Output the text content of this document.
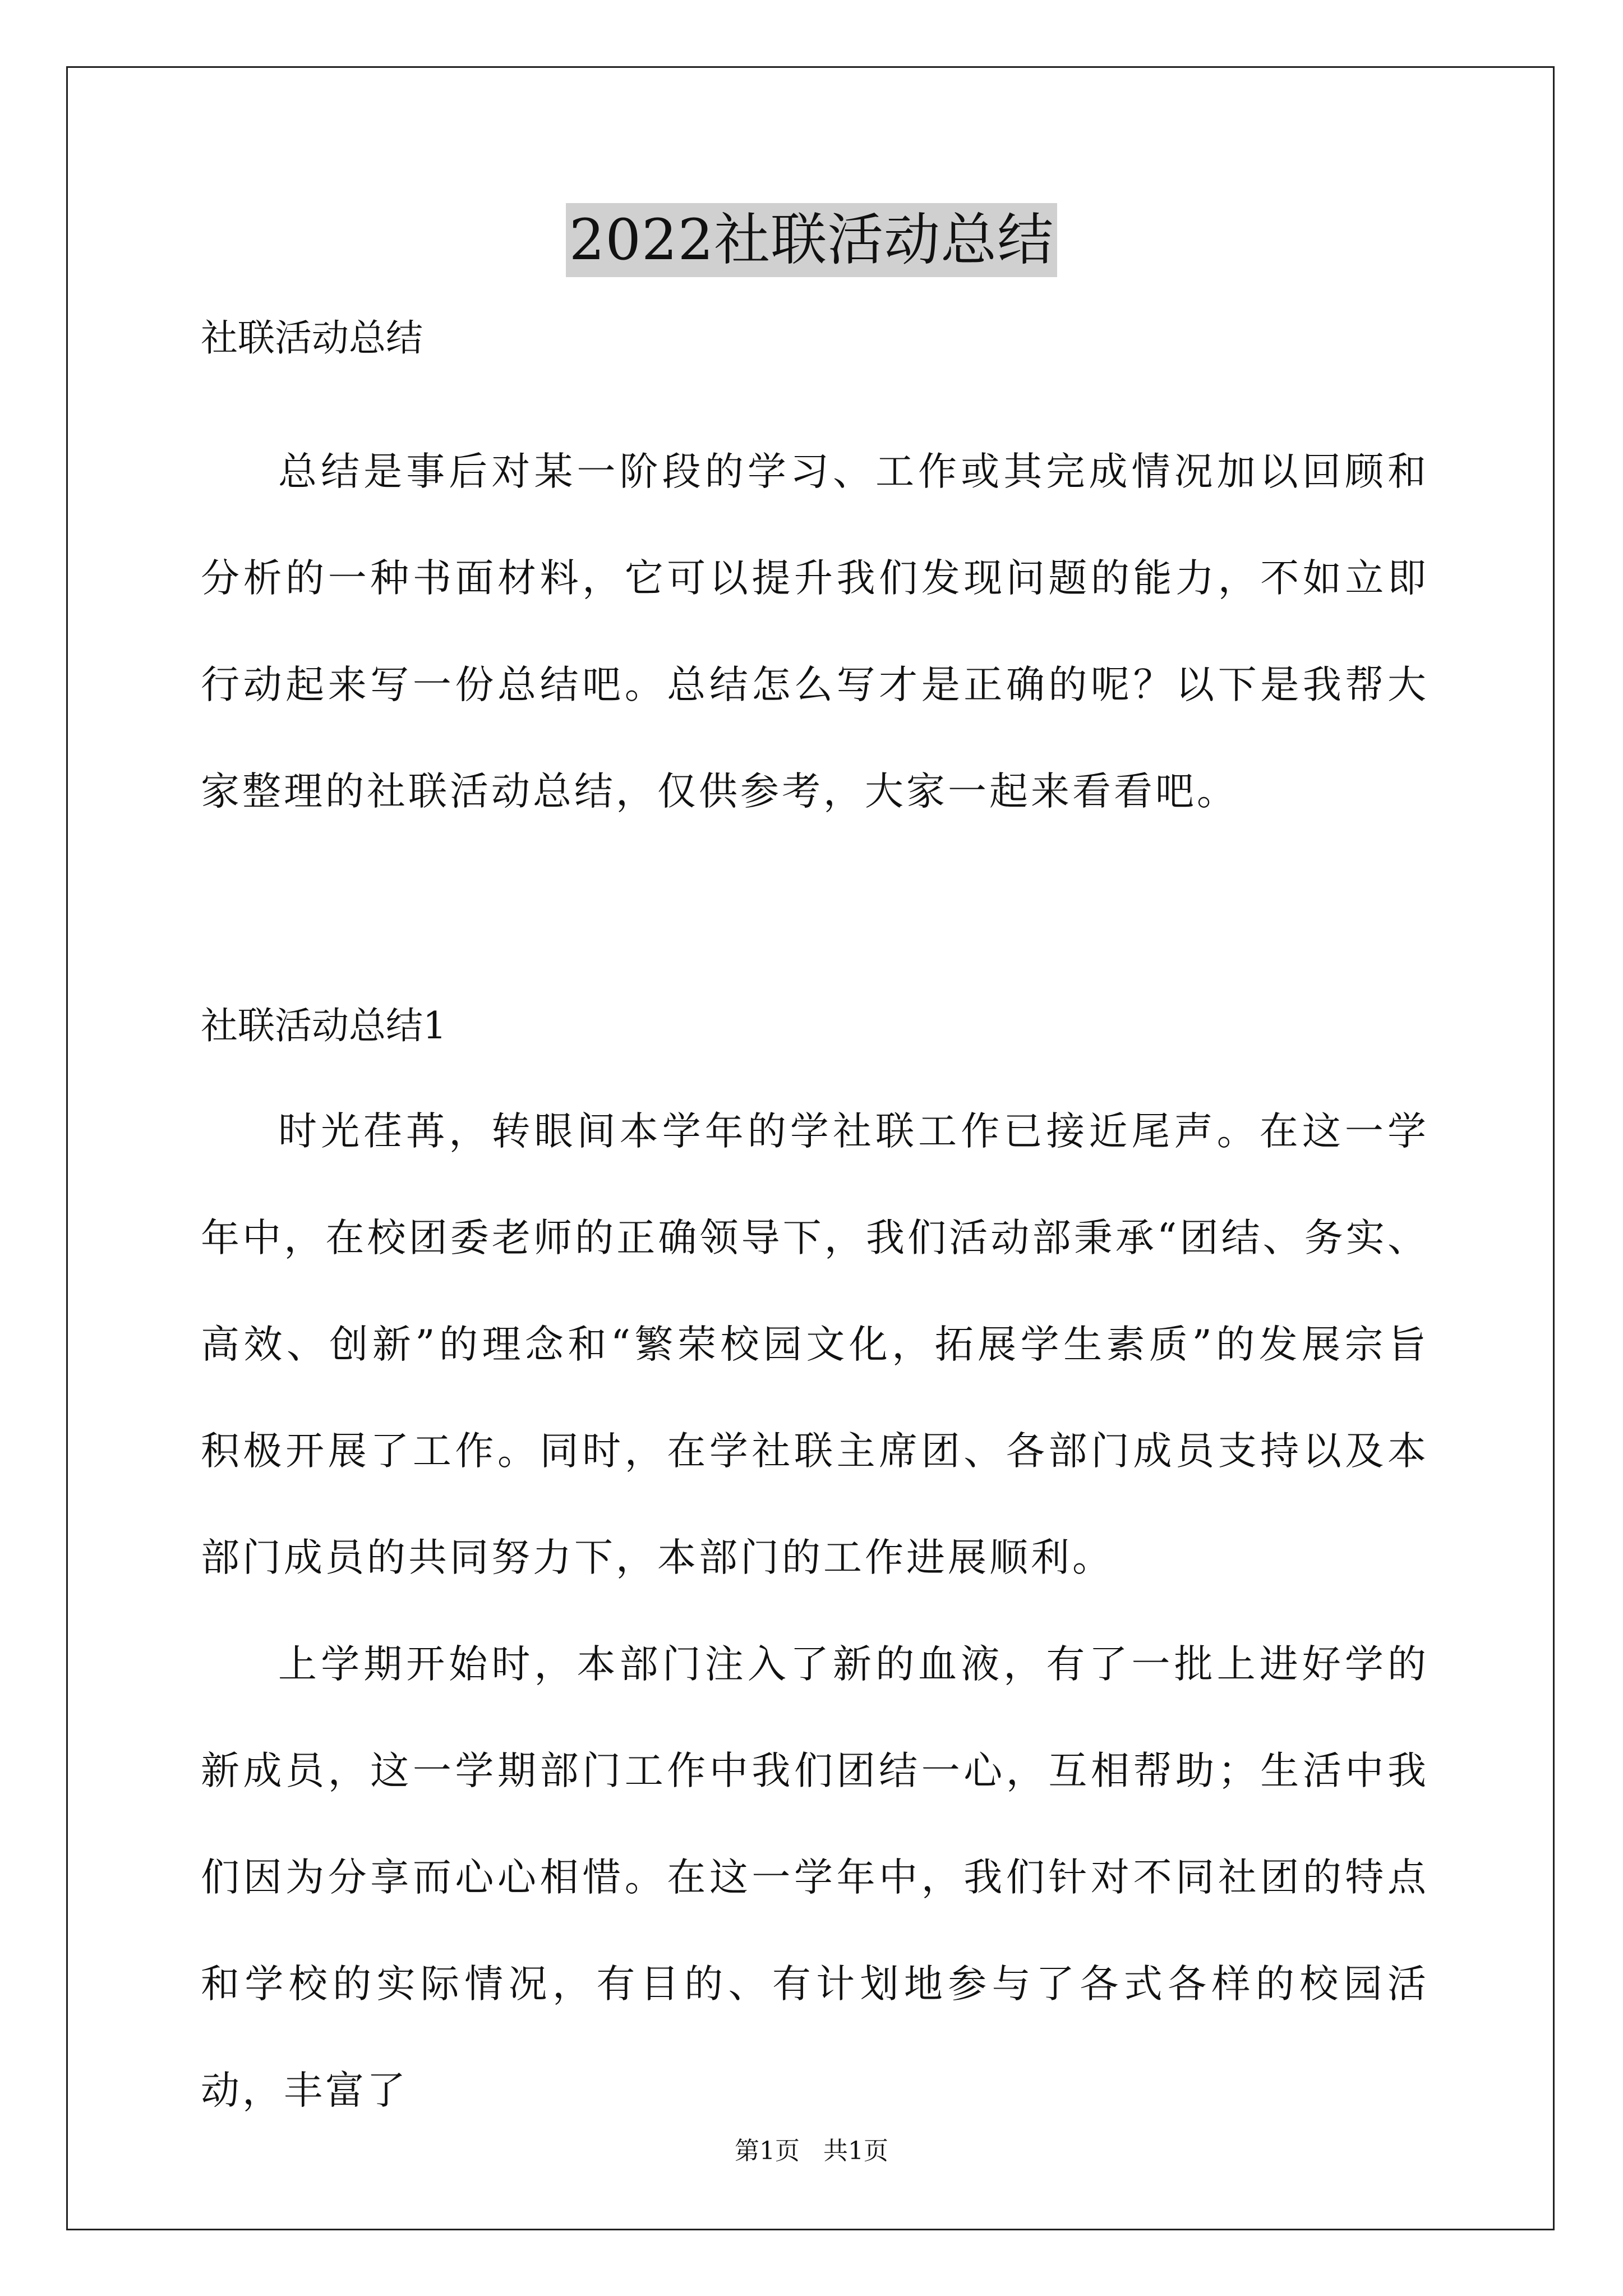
2022社联活动总结

社联活动总结

总结是事后对某一阶段的学习、工作或其完成情况加以回顾和分析的一种书面材料，它可以提升我们发现问题的能力，不如立即行动起来写一份总结吧。总结怎么写才是正确的呢？以下是我帮大家整理的社联活动总结，仅供参考，大家一起来看看吧。

社联活动总结1

时光荏苒，转眼间本学年的学社联工作已接近尾声。在这一学年中，在校团委老师的正确领导下，我们活动部秉承“团结、务实、高效、创新”的理念和“繁荣校园文化，拓展学生素质”的发展宗旨积极开展了工作。同时，在学社联主席团、各部门成员支持以及本部门成员的共同努力下，本部门的工作进展顺利。

上学期开始时，本部门注入了新的血液，有了一批上进好学的新成员，这一学期部门工作中我们团结一心，互相帮助；生活中我们因为分享而心心相惜。在这一学年中，我们针对不同社团的特点和学校的实际情况，有目的、有计划地参与了各式各样的校园活动，丰富了

第1页   共1页
